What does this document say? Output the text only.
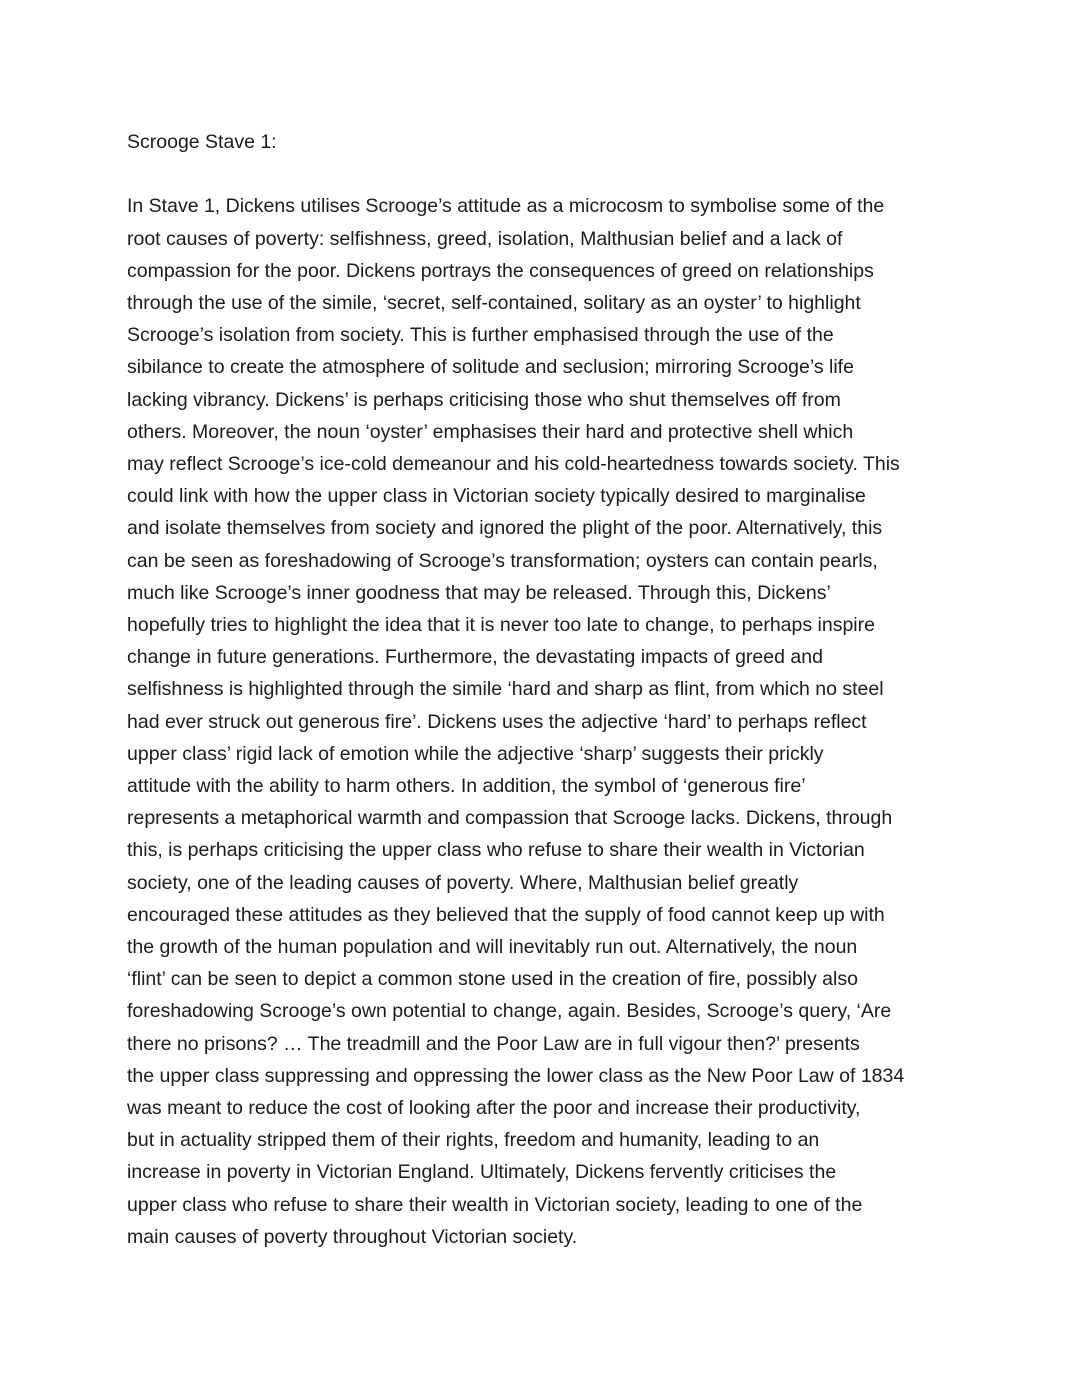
Scrooge Stave 1:

In Stave 1, Dickens utilises Scrooge’s attitude as a microcosm to symbolise some of the
root causes of poverty: selfishness, greed, isolation, Malthusian belief and a lack of
compassion for the poor. Dickens portrays the consequences of greed on relationships
through the use of the simile, ‘secret, self-contained, solitary as an oyster’ to highlight
Scrooge’s isolation from society. This is further emphasised through the use of the
sibilance to create the atmosphere of solitude and seclusion; mirroring Scrooge’s life
lacking vibrancy. Dickens’ is perhaps criticising those who shut themselves off from
others. Moreover, the noun ‘oyster’ emphasises their hard and protective shell which
may reflect Scrooge’s ice-cold demeanour and his cold-heartedness towards society. This
could link with how the upper class in Victorian society typically desired to marginalise
and isolate themselves from society and ignored the plight of the poor. Alternatively, this
can be seen as foreshadowing of Scrooge’s transformation; oysters can contain pearls,
much like Scrooge’s inner goodness that may be released. Through this, Dickens’
hopefully tries to highlight the idea that it is never too late to change, to perhaps inspire
change in future generations. Furthermore, the devastating impacts of greed and
selfishness is highlighted through the simile ‘hard and sharp as flint, from which no steel
had ever struck out generous fire’. Dickens uses the adjective ‘hard’ to perhaps reflect
upper class’ rigid lack of emotion while the adjective ‘sharp’ suggests their prickly
attitude with the ability to harm others. In addition, the symbol of ‘generous fire’
represents a metaphorical warmth and compassion that Scrooge lacks. Dickens, through
this, is perhaps criticising the upper class who refuse to share their wealth in Victorian
society, one of the leading causes of poverty. Where, Malthusian belief greatly
encouraged these attitudes as they believed that the supply of food cannot keep up with
the growth of the human population and will inevitably run out. Alternatively, the noun
‘flint’ can be seen to depict a common stone used in the creation of fire, possibly also
foreshadowing Scrooge’s own potential to change, again. Besides, Scrooge’s query, ‘Are
there no prisons? … The treadmill and the Poor Law are in full vigour then?’ presents
the upper class suppressing and oppressing the lower class as the New Poor Law of 1834
was meant to reduce the cost of looking after the poor and increase their productivity,
but in actuality stripped them of their rights, freedom and humanity, leading to an
increase in poverty in Victorian England. Ultimately, Dickens fervently criticises the
upper class who refuse to share their wealth in Victorian society, leading to one of the
main causes of poverty throughout Victorian society.
